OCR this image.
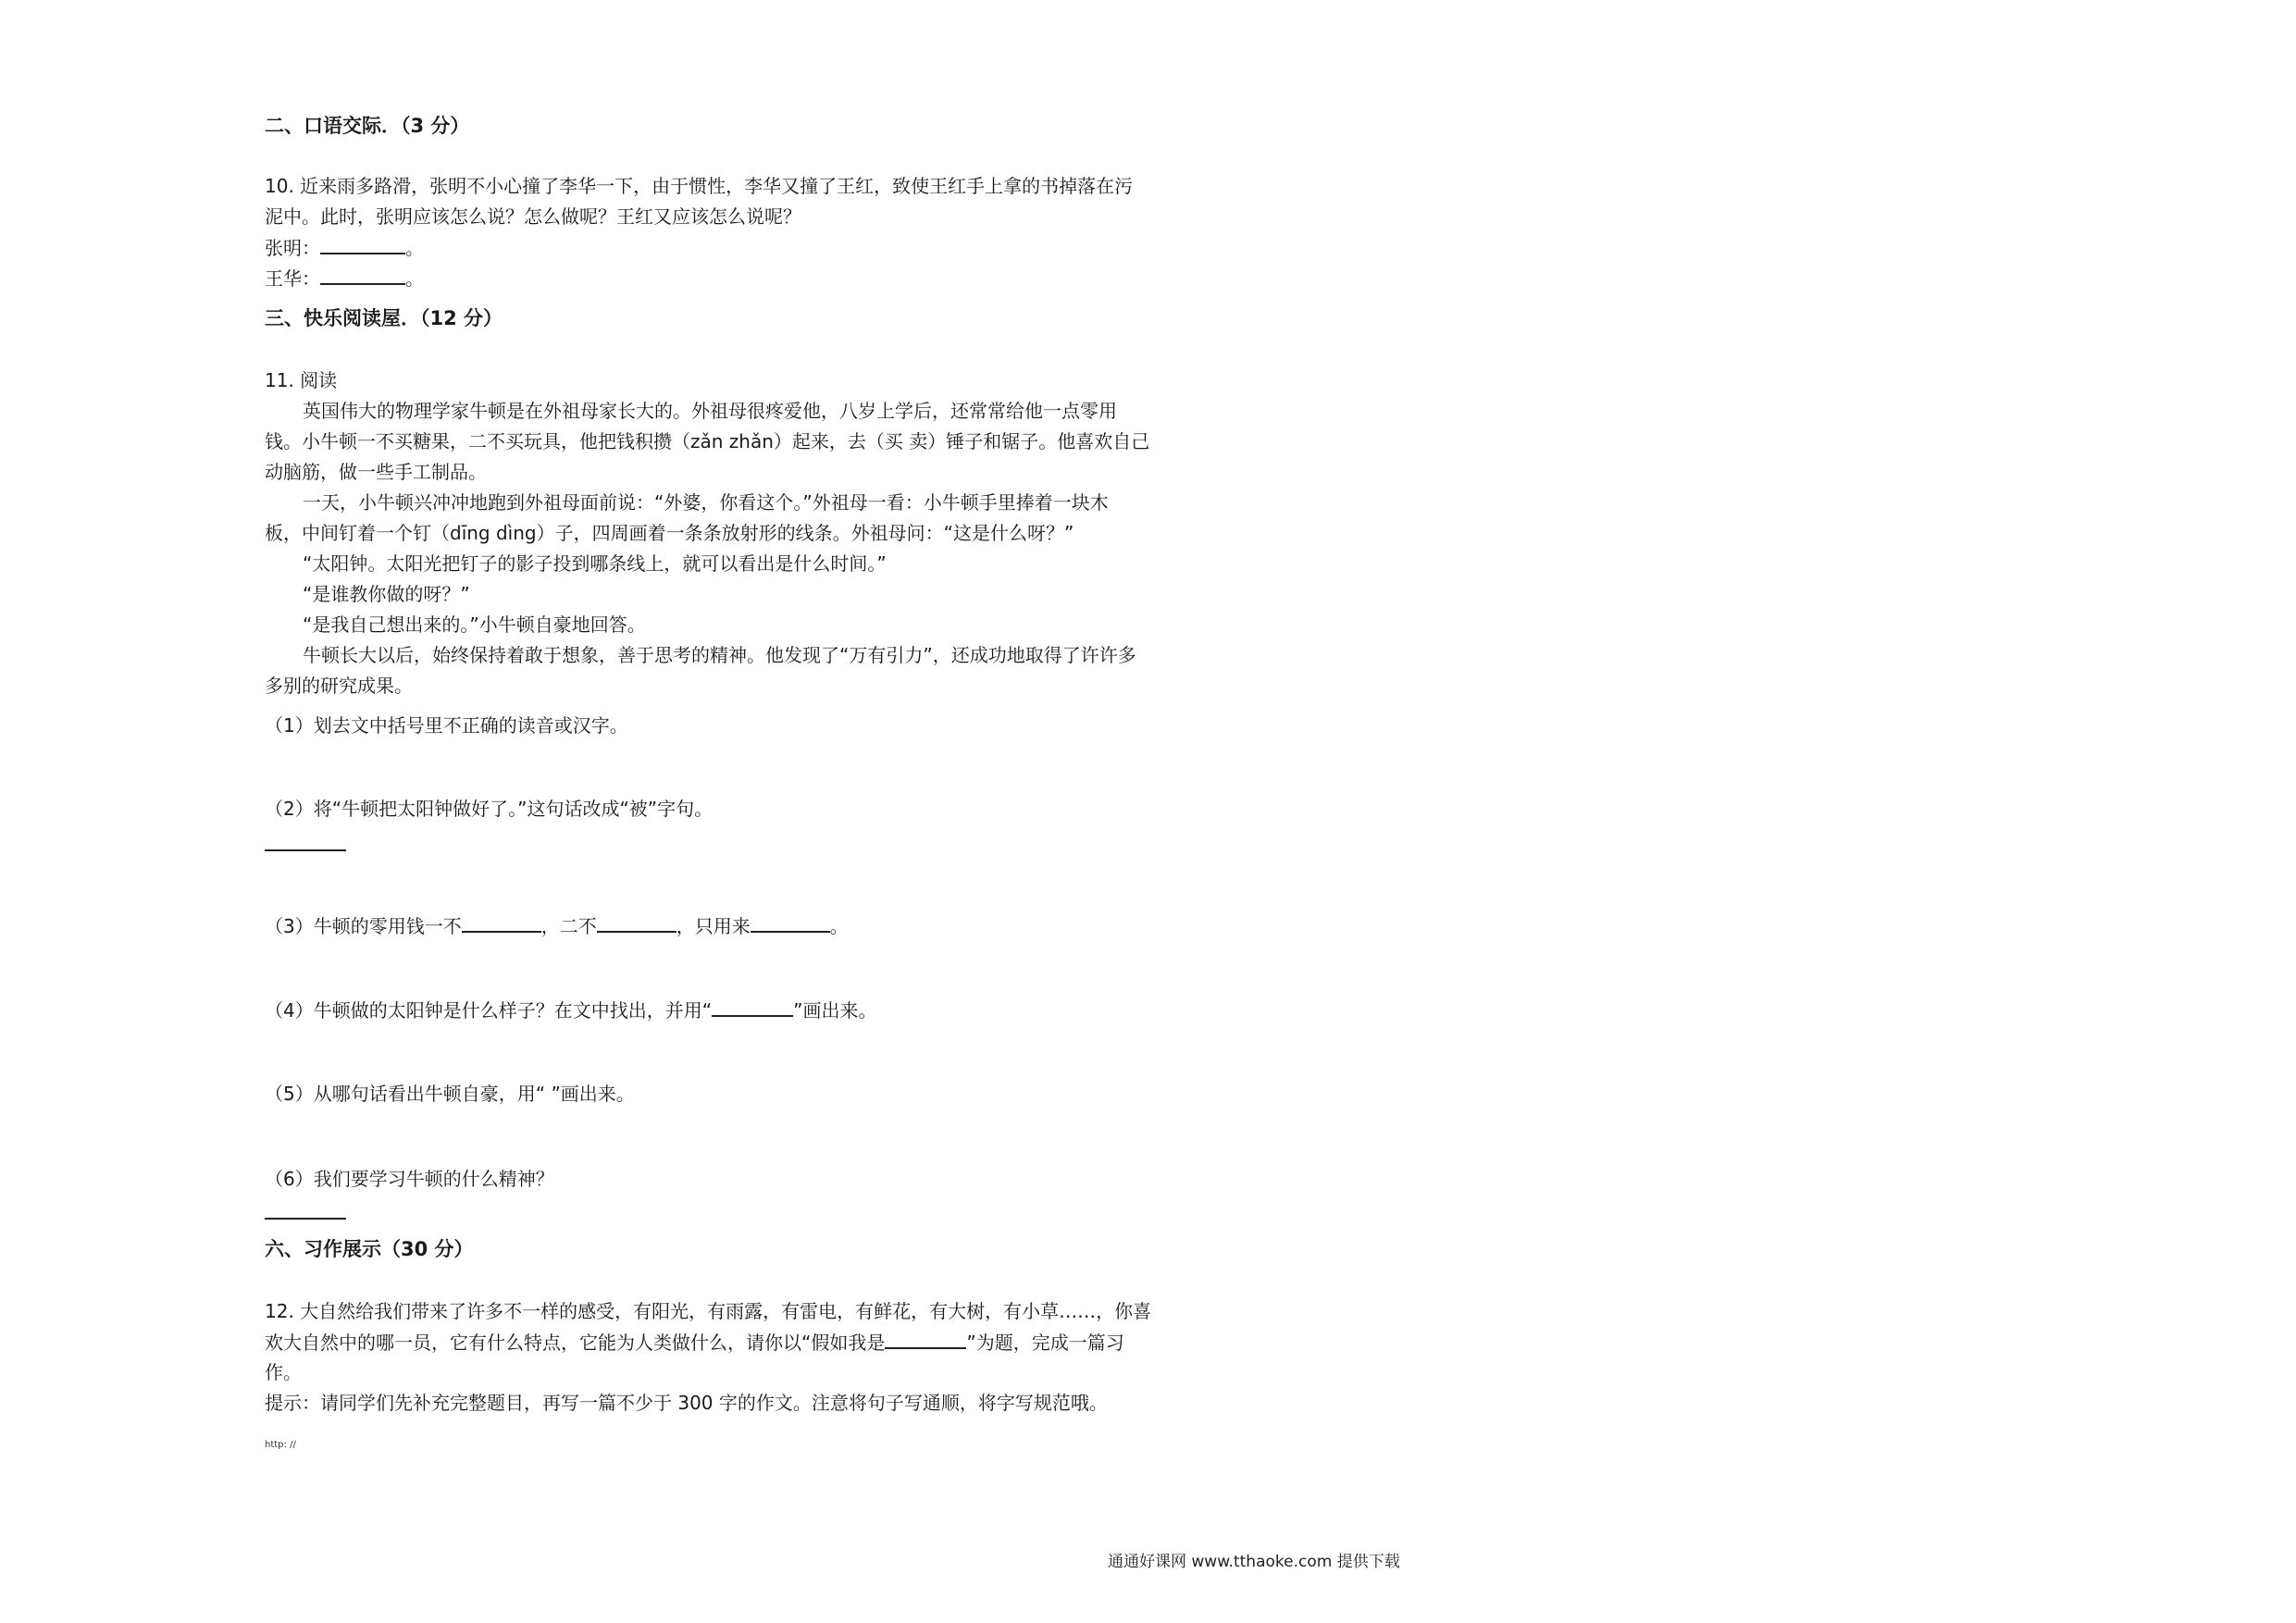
二、口语交际．（3 分）
10. 近来雨多路滑，张明不小心撞了李华一下，由于惯性，李华又撞了王红，致使王红手上拿的书掉落在污
泥中。此时，张明应该怎么说？怎么做呢？王红又应该怎么说呢？
张明：	。
王华：	。
三、快乐阅读屋．（12 分）
11. 阅读
英国伟大的物理学家牛顿是在外祖母家长大的。外祖母很疼爱他，八岁上学后，还常常给他一点零用
钱。小牛顿一不买糖果，二不买玩具，他把钱积攒（zǎn zhǎn）起来，去（买 卖）锤子和锯子。他喜欢自己
动脑筋，做一些手工制品。
一天，小牛顿兴冲冲地跑到外祖母面前说：“外婆，你看这个。”外祖母一看：小牛顿手里捧着一块木
板，中间钉着一个钉（dīng dìng）子，四周画着一条条放射形的线条。外祖母问：“这是什么呀？”
“太阳钟。太阳光把钉子的影子投到哪条线上，就可以看出是什么时间。”
“是谁教你做的呀？”
“是我自己想出来的。”小牛顿自豪地回答。
牛顿长大以后，始终保持着敢于想象，善于思考的精神。他发现了“万有引力”，还成功地取得了许许多
多别的研究成果。
（1）划去文中括号里不正确的读音或汉字。
（2）将“牛顿把太阳钟做好了。”这句话改成“被”字句。
（3）牛顿的零用钱一不	，二不	，只用来	。
（4）牛顿做的太阳钟是什么样子？在文中找出，并用“	”画出来。
（5）从哪句话看出牛顿自豪，用“ ”画出来。
（6）我们要学习牛顿的什么精神？
六、习作展示（30 分）
12. 大自然给我们带来了许多不一样的感受，有阳光，有雨露，有雷电，有鲜花，有大树，有小草……，你喜
欢大自然中的哪一员，它有什么特点，它能为人类做什么，请你以“假如我是	”为题，完成一篇习
作。
提示：请同学们先补充完整题目，再写一篇不少于 300 字的作文。注意将句子写通顺，将字写规范哦。
http: //
通通好课网 www.tthaoke.com 提供下载
